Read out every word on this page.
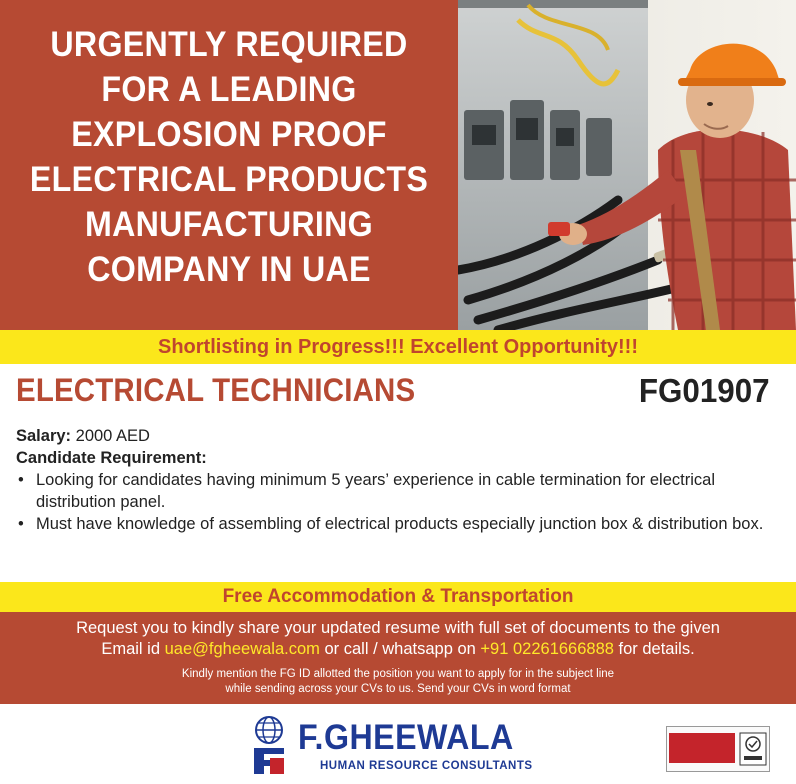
URGENTLY REQUIRED
FOR A LEADING
EXPLOSION PROOF
ELECTRICAL PRODUCTS
MANUFACTURING
COMPANY IN UAE
Shortlisting in Progress!!! Excellent Opportunity!!!
ELECTRICAL TECHNICIANS	FG01907
Salary: 2000 AED
Candidate Requirement:
• Looking for candidates having minimum 5 years’ experience in cable termination for electrical distribution panel.
• Must have knowledge of assembling of electrical products especially junction box & distribution box.
Free Accommodation & Transportation
Request you to kindly share your updated resume with full set of documents to the given
Email id uae@fgheewala.com or call / whatsapp on +91 02261666888 for details.
Kindly mention the FG ID allotted the position you want to apply for in the subject line
while sending across your CVs to us. Send your CVs in word format
F.GHEEWALA
HUMAN RESOURCE CONSULTANTS
